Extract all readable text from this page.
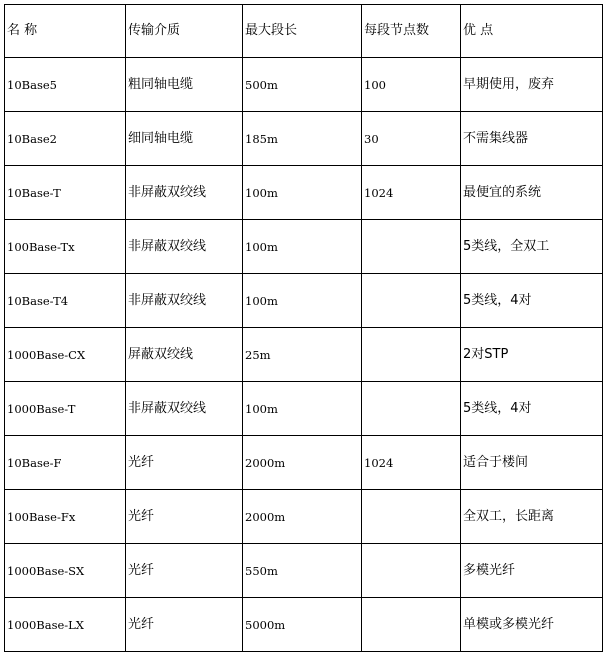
名 称	传输介质	最大段长	每段节点数	优 点
10Base5	粗同轴电缆	500m	100	早期使用，废弃
10Base2	细同轴电缆	185m	30	不需集线器
10Base-T	非屏蔽双绞线	100m	1024	最便宜的系统
100Base-Tx	非屏蔽双绞线	100m		5类线，全双工
10Base-T4	非屏蔽双绞线	100m		5类线，4对
1000Base-CX	屏蔽双绞线	25m		2对STP
1000Base-T	非屏蔽双绞线	100m		5类线，4对
10Base-F	光纤	2000m	1024	适合于楼间
100Base-Fx	光纤	2000m		全双工，长距离
1000Base-SX	光纤	550m		多模光纤
1000Base-LX	光纤	5000m		单模或多模光纤
